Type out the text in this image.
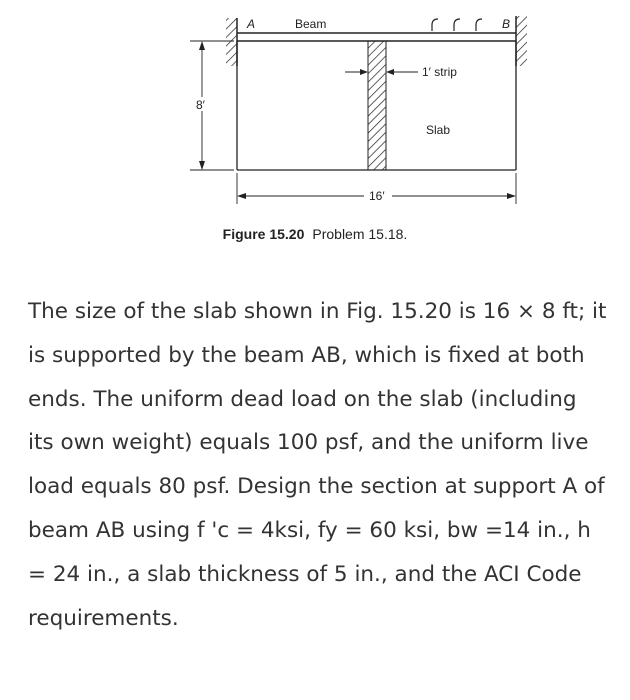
A	Beam	B
1′ strip
Slab
8′
16′
Figure 15.20 Problem 15.18.

The size of the slab shown in Fig. 15.20 is 16 × 8 ft; it is supported by the beam AB, which is fixed at both ends. The uniform dead load on the slab (including its own weight) equals 100 psf, and the uniform live load equals 80 psf. Design the section at support A of beam AB using f 'c = 4ksi, fy = 60 ksi, bw =14 in., h = 24 in., a slab thickness of 5 in., and the ACI Code requirements.
